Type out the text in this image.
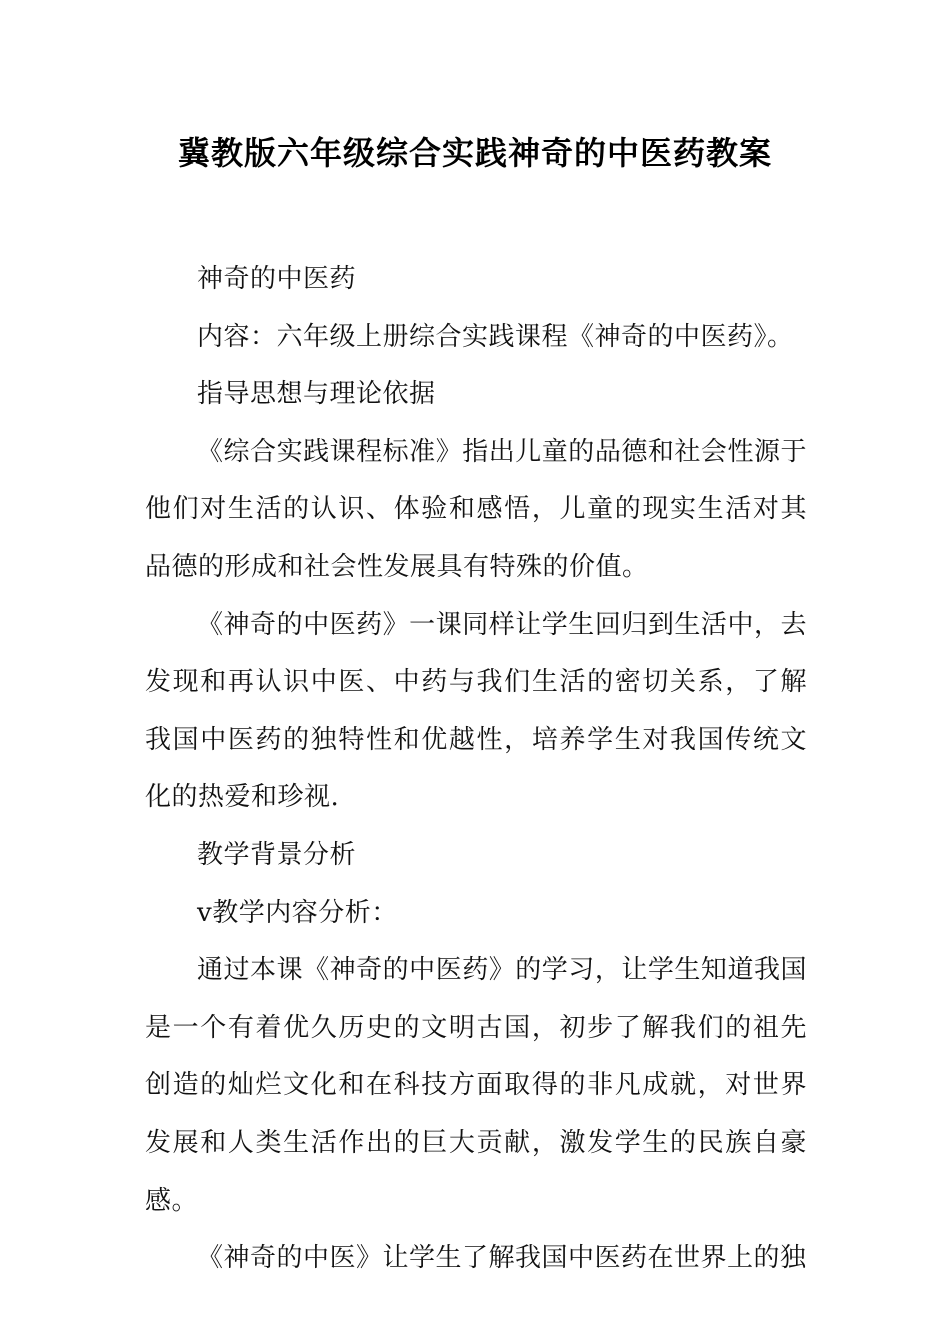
冀教版六年级综合实践神奇的中医药教案

神奇的中医药

内容：六年级上册综合实践课程《神奇的中医药》。

指导思想与理论依据

《综合实践课程标准》指出儿童的品德和社会性源于他们对生活的认识、体验和感悟，儿童的现实生活对其品德的形成和社会性发展具有特殊的价值。

《神奇的中医药》一课同样让学生回归到生活中，去发现和再认识中医、中药与我们生活的密切关系，了解我国中医药的独特性和优越性，培养学生对我国传统文化的热爱和珍视.

教学背景分析

v教学内容分析：

通过本课《神奇的中医药》的学习，让学生知道我国是一个有着优久历史的文明古国，初步了解我们的祖先创造的灿烂文化和在科技方面取得的非凡成就，对世界发展和人类生活作出的巨大贡献，激发学生的民族自豪感。

《神奇的中医》让学生了解我国中医药在世界上的独
